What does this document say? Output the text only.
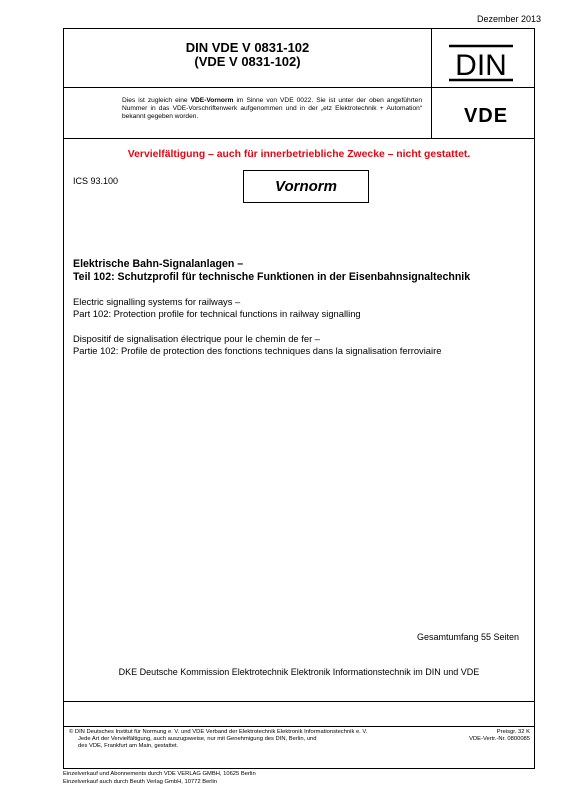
Dezember 2013
DIN VDE V 0831-102
(VDE V 0831-102)	DIN
Dies ist zugleich eine VDE-Vornorm im Sinne von VDE 0022. Sie ist unter der oben angeführten Nummer in das VDE-Vorschriftenwerk aufgenommen und in der „etz Elektrotechnik + Automation“ bekannt gegeben worden.	VDE
Vervielfältigung – auch für innerbetriebliche Zwecke – nicht gestattet.
ICS 93.100	Vornorm
Elektrische Bahn-Signalanlagen –
Teil 102: Schutzprofil für technische Funktionen in der Eisenbahnsignaltechnik
Electric signalling systems for railways –
Part 102: Protection profile for technical functions in railway signalling
Dispositif de signalisation électrique pour le chemin de fer –
Partie 102: Profile de protection des fonctions techniques dans la signalisation ferroviaire
Gesamtumfang 55 Seiten
DKE Deutsche Kommission Elektrotechnik Elektronik Informationstechnik im DIN und VDE
© DIN Deutsches Institut für Normung e. V. und VDE Verband der Elektrotechnik Elektronik Informationstechnik e. V.
Jede Art der Vervielfältigung, auch auszugsweise, nur mit Genehmigung des DIN, Berlin, und
des VDE, Frankfurt am Main, gestattet.
Preisgr. 32 K
VDE-Vertr.-Nr. 0800085
Einzelverkauf und Abonnements durch VDE VERLAG GMBH, 10625 Berlin
Einzelverkauf auch durch Beuth Verlag GmbH, 10772 Berlin
